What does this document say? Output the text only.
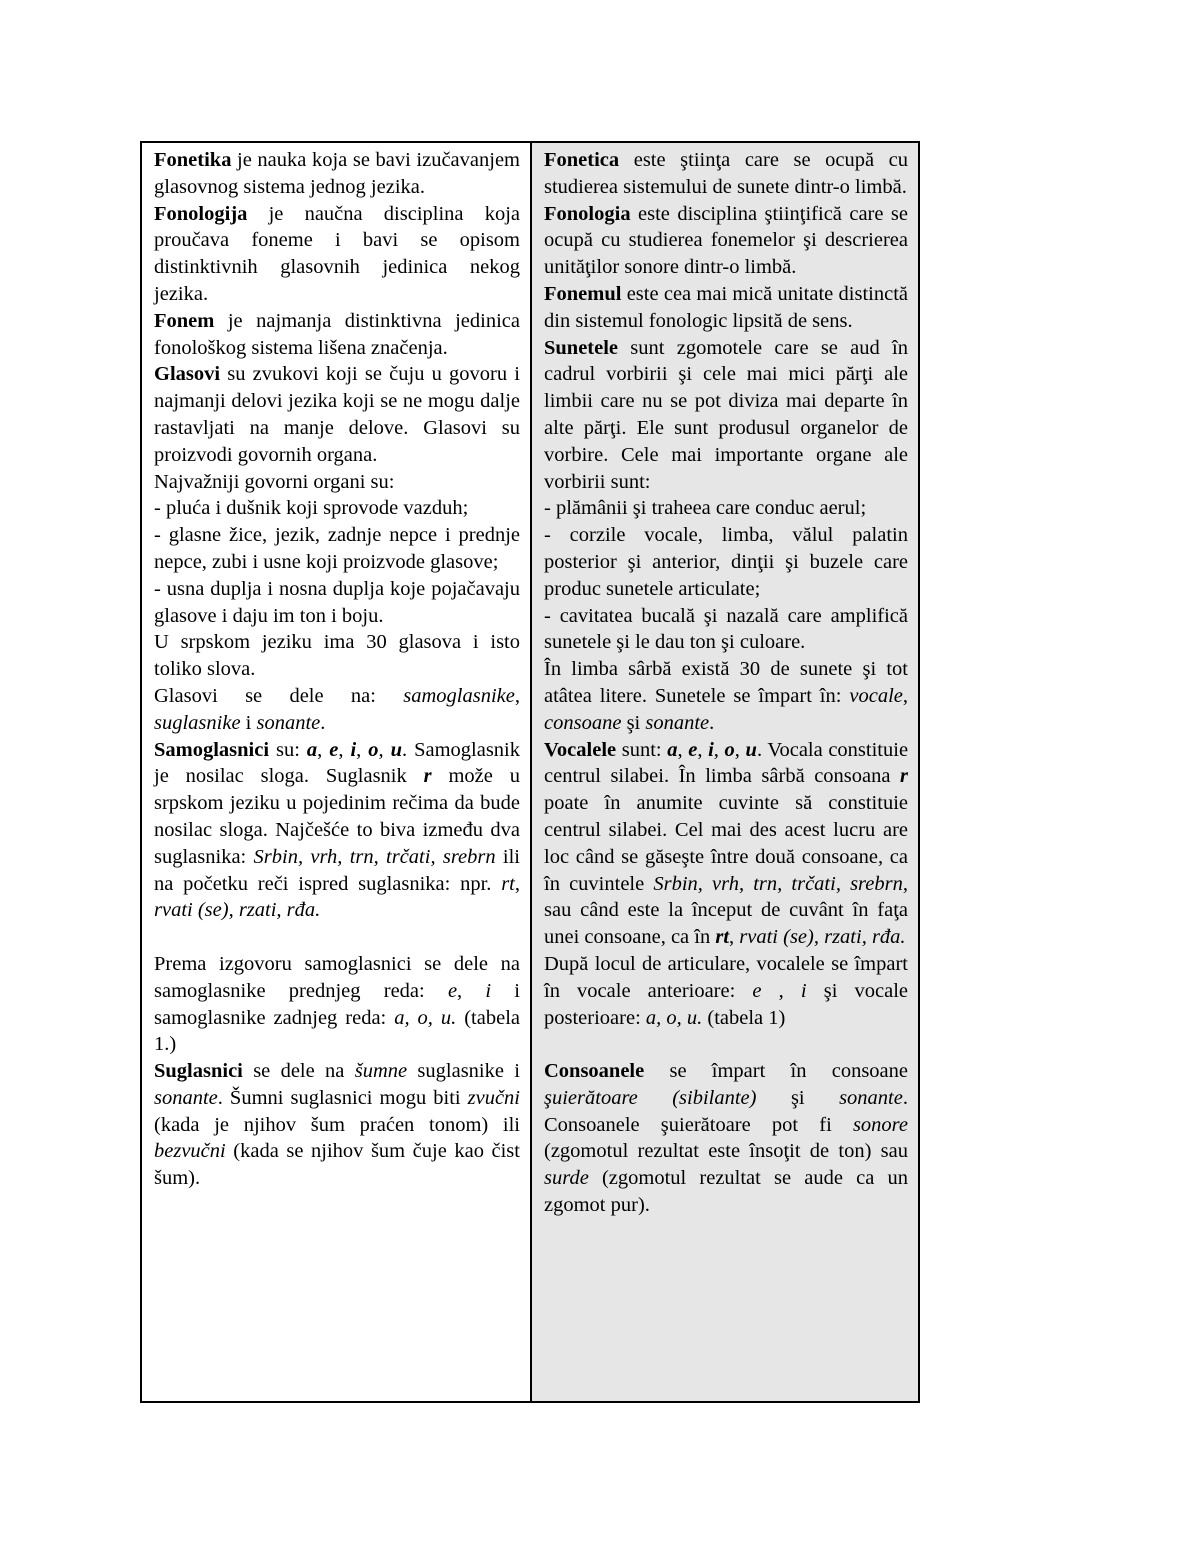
Fonetika je nauka koja se bavi izučavanjem glasovnog sistema jednog jezika.

Fonologija je naučna disciplina koja proučava foneme i bavi se opisom distinktivnih glasovnih jedinica nekog jezika.

Fonem je najmanja distinktivna jedinica fonološkog sistema lišena značenja.

Glasovi su zvukovi koji se čuju u govoru i najmanji delovi jezika koji se ne mogu dalje rastavljati na manje delove. Glasovi su proizvodi govornih organa.

Najvažniji govorni organi su:

- pluća i dušnik koji sprovode vazduh;

- glasne žice, jezik, zadnje nepce i prednje nepce, zubi i usne koji proizvode glasove;

- usna duplja i nosna duplja koje pojačavaju glasove i daju im ton i boju.

U srpskom jeziku ima 30 glasova i isto toliko slova.

Glasovi se dele na: samoglasnike, suglasnike i sonante.

Samoglasnici su: a, e, i, o, u. Samoglasnik je nosilac sloga. Suglasnik r može u srpskom jeziku u pojedinim rečima da bude nosilac sloga. Najčešće to biva između dva suglasnika: Srbin, vrh, trn, trčati, srebrn ili na početku reči ispred suglasnika: npr. rt, rvati (se), rzati, rđa.

Prema izgovoru samoglasnici se dele na samoglasnike prednjeg reda: e, i i samoglasnike zadnjeg reda: a, o, u. (tabela 1.)

Suglasnici se dele na šumne suglasnike i sonante. Šumni suglasnici mogu biti zvučni (kada je njihov šum praćen tonom) ili bezvučni (kada se njihov šum čuje kao čist šum).

Fonetica este ştiinţa care se ocupă cu studierea sistemului de sunete dintr-o limbă.

Fonologia este disciplina ştiinţifică care se ocupă cu studierea fonemelor şi descrierea unităţilor sonore dintr-o limbă.

Fonemul este cea mai mică unitate distinctă din sistemul fonologic lipsită de sens.

Sunetele sunt zgomotele care se aud în cadrul vorbirii şi cele mai mici părţi ale limbii care nu se pot diviza mai departe în alte părţi. Ele sunt produsul organelor de vorbire. Cele mai importante organe ale vorbirii sunt:

- plămânii şi traheea care conduc aerul;

- corzile vocale, limba, vălul palatin posterior şi anterior, dinţii şi buzele care produc sunetele articulate;

- cavitatea bucală şi nazală care amplifică sunetele şi le dau ton şi culoare.

În limba sârbă există 30 de sunete şi tot atâtea litere. Sunetele se împart în: vocale, consoane şi sonante.

Vocalele sunt: a, e, i, o, u. Vocala constituie centrul silabei. În limba sârbă consoana r poate în anumite cuvinte să constituie centrul silabei. Cel mai des acest lucru are loc când se găseşte între două consoane, ca în cuvintele Srbin, vrh, trn, trčati, srebrn, sau când este la început de cuvânt în faţa unei consoane, ca în rt, rvati (se), rzati, rđa.

După locul de articulare, vocalele se împart în vocale anterioare: e , i şi vocale posterioare: a, o, u. (tabela 1)

Consoanele se împart în consoane şuierătoare (sibilante) şi sonante. Consoanele şuierătoare pot fi sonore (zgomotul rezultat este însoţit de ton) sau surde (zgomotul rezultat se aude ca un zgomot pur).
